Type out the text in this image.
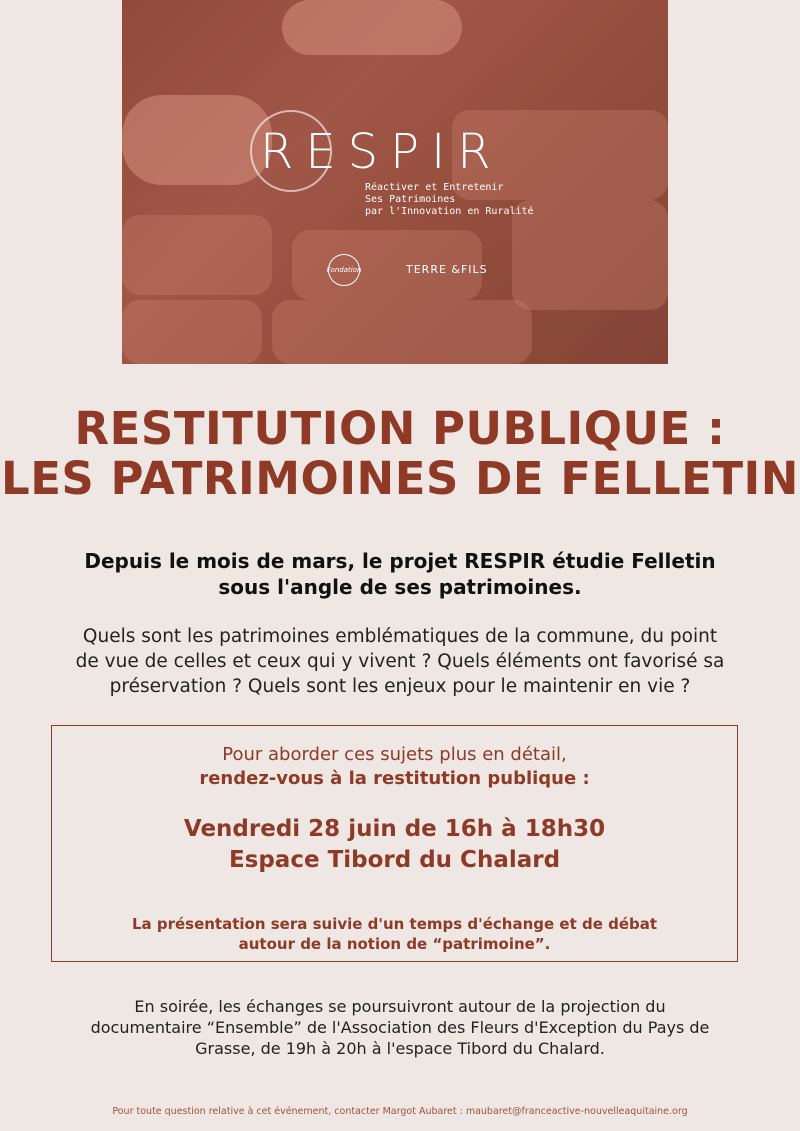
RESPIR
Réactiver et Entretenir
Ses Patrimoines
par l'Innovation en Ruralité
Fondation	TERRE &FILS
RESTITUTION PUBLIQUE :
LES PATRIMOINES DE FELLETIN
Depuis le mois de mars, le projet RESPIR étudie Felletin
sous l'angle de ses patrimoines.
Quels sont les patrimoines emblématiques de la commune, du point
de vue de celles et ceux qui y vivent ? Quels éléments ont favorisé sa
préservation ? Quels sont les enjeux pour le maintenir en vie ?
Pour aborder ces sujets plus en détail,
rendez-vous à la restitution publique :
Vendredi 28 juin de 16h à 18h30
Espace Tibord du Chalard
La présentation sera suivie d'un temps d'échange et de débat
autour de la notion de “patrimoine”.
En soirée, les échanges se poursuivront autour de la projection du
documentaire “Ensemble” de l'Association des Fleurs d'Exception du Pays de
Grasse, de 19h à 20h à l'espace Tibord du Chalard.
Pour toute question relative à cet événement, contacter Margot Aubaret : maubaret@franceactive-nouvelleaquitaine.org
